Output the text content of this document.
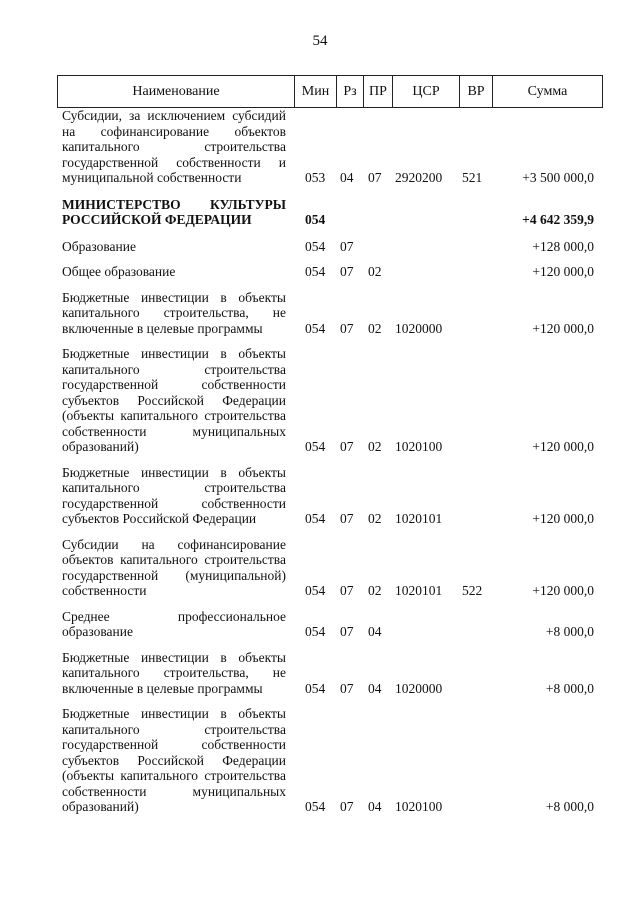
54
Наименование	Мин	Рз ПР	ЦСР	ВР	Сумма
Субсидии, за исключением субсидий на софинансирование объектов капитального строительства государственной собственности и муниципальной собственности	053 04 07 2920200 521	+3 500 000,0
МИНИСТЕРСТВО КУЛЬТУРЫ РОССИЙСКОЙ ФЕДЕРАЦИИ	054	+4 642 359,9
Образование	054 07	+128 000,0
Общее образование	054 07 02	+120 000,0
Бюджетные инвестиции в объекты капитального строительства, не включенные в целевые программы	054 07 02 1020000	+120 000,0
Бюджетные инвестиции в объекты капитального строительства государственной собственности субъектов Российской Федерации (объекты капитального строительства собственности муниципальных образований)	054 07 02 1020100	+120 000,0
Бюджетные инвестиции в объекты капитального строительства государственной собственности субъектов Российской Федерации	054 07 02 1020101	+120 000,0
Субсидии на софинансирование объектов капитального строительства государственной (муниципальной) собственности	054 07 02 1020101 522	+120 000,0
Среднее профессиональное образование	054 07 04	+8 000,0
Бюджетные инвестиции в объекты капитального строительства, не включенные в целевые программы	054 07 04 1020000	+8 000,0
Бюджетные инвестиции в объекты капитального строительства государственной собственности субъектов Российской Федерации (объекты капитального строительства собственности муниципальных образований)	054 07 04 1020100	+8 000,0
